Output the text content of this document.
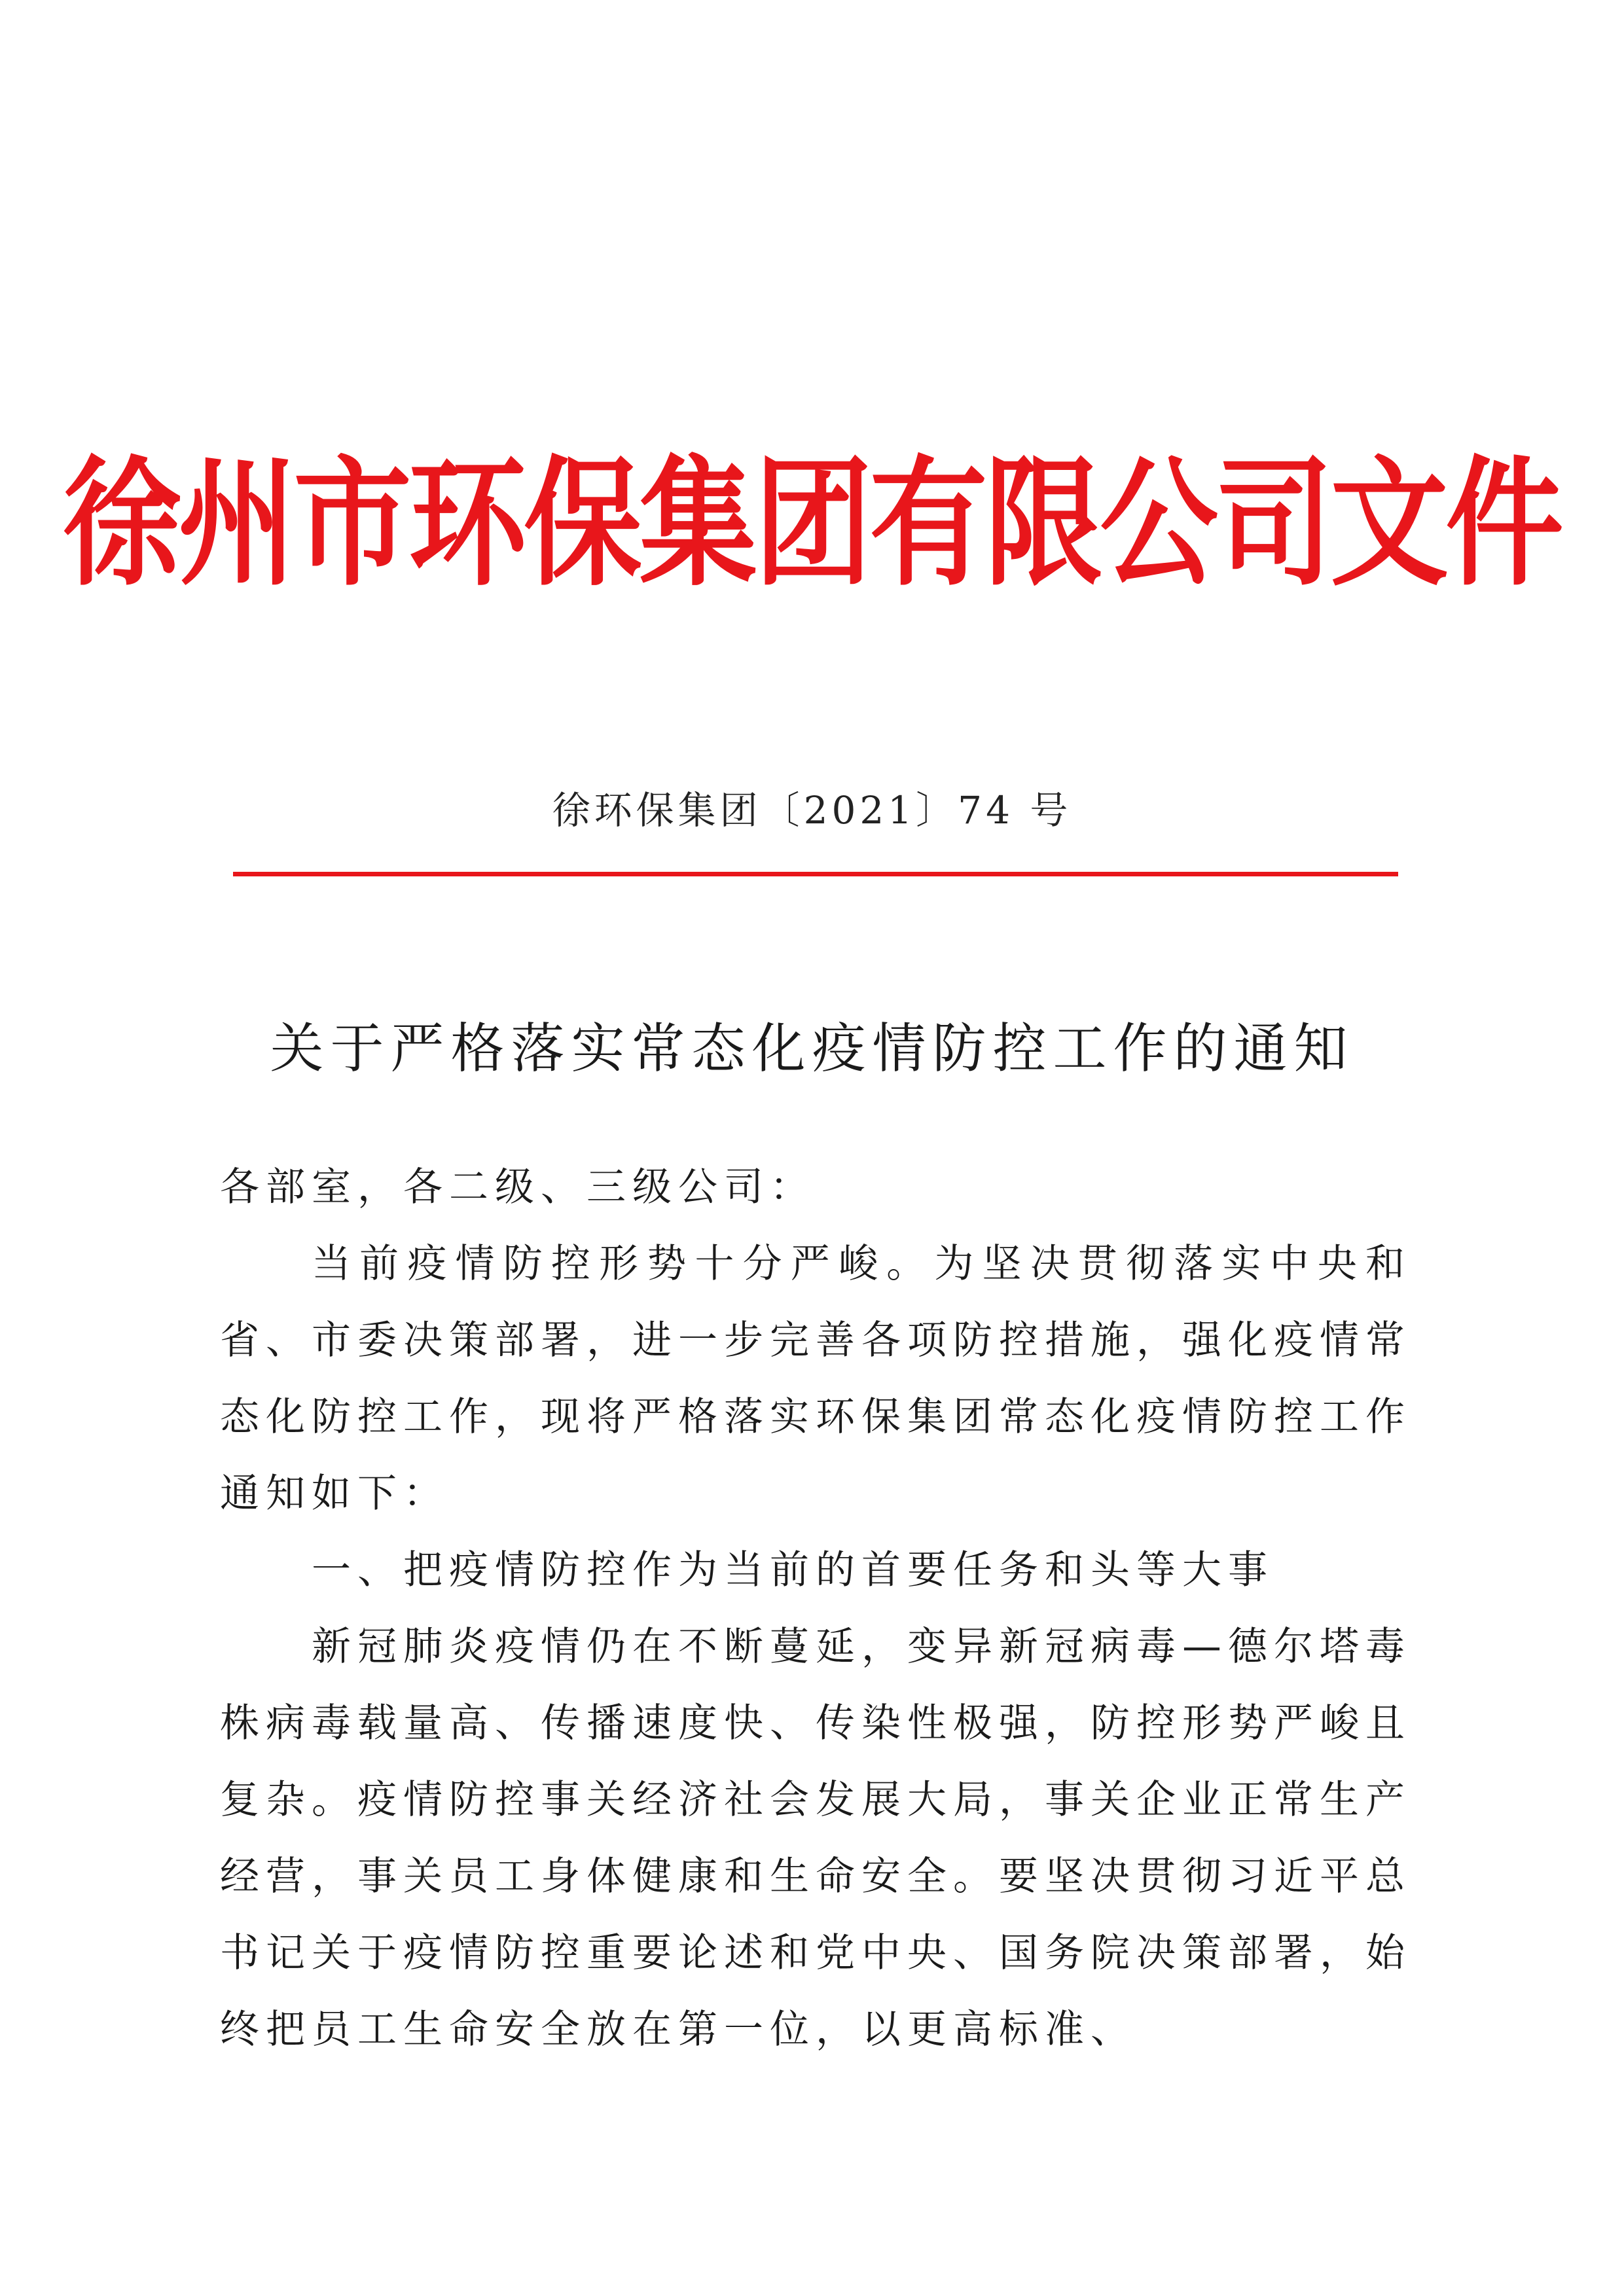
徐州市环保集团有限公司文件
徐环保集团〔2021〕74 号
关于严格落实常态化疫情防控工作的通知

各部室，各二级、三级公司：

当前疫情防控形势十分严峻。为坚决贯彻落实中央和省、市委决策部署，进一步完善各项防控措施，强化疫情常态化防控工作，现将严格落实环保集团常态化疫情防控工作通知如下：

一、把疫情防控作为当前的首要任务和头等大事

新冠肺炎疫情仍在不断蔓延，变异新冠病毒—德尔塔毒株病毒载量高、传播速度快、传染性极强，防控形势严峻且复杂。疫情防控事关经济社会发展大局，事关企业正常生产经营，事关员工身体健康和生命安全。要坚决贯彻习近平总书记关于疫情防控重要论述和党中央、国务院决策部署，始终把员工生命安全放在第一位，以更高标准、
